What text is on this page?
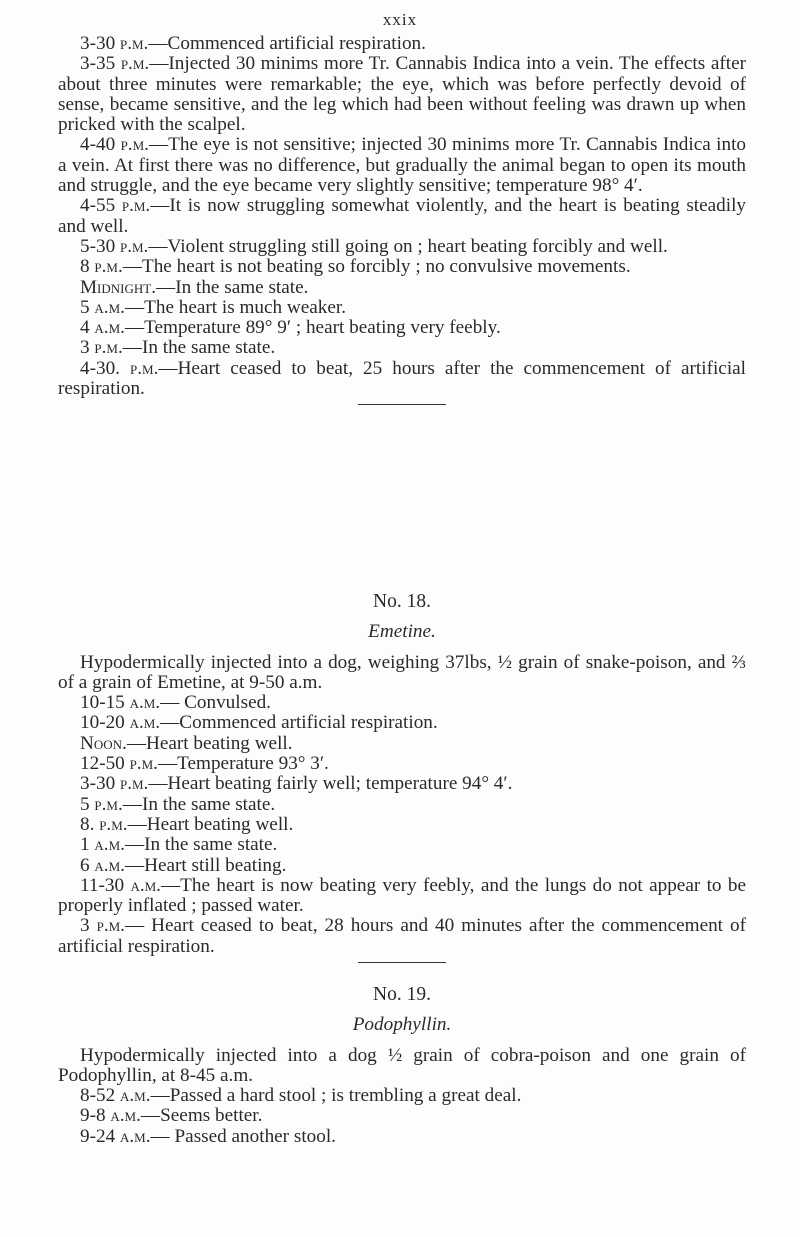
xxix

3-30 p.m.—Commenced artificial respiration.

3-35 p.m.—Injected 30 minims more Tr. Cannabis Indica into a vein. The effects after about three minutes were remarkable; the eye, which was before perfectly devoid of sense, became sensitive, and the leg which had been without feeling was drawn up when pricked with the scalpel.

4-40 p.m.—The eye is not sensitive; injected 30 minims more Tr. Cannabis Indica into a vein. At first there was no difference, but gradually the animal began to open its mouth and struggle, and the eye became very slightly sensitive; temperature 98° 4′.

4-55 p.m.—It is now struggling somewhat violently, and the heart is beating steadily and well.

5-30 p.m.—Violent struggling still going on ; heart beating forcibly and well.

8 p.m.—The heart is not beating so forcibly ; no convulsive movements.

Midnight.—In the same state.

5 a.m.—The heart is much weaker.

4 a.m.—Temperature 89° 9′ ; heart beating very feebly.

3 p.m.—In the same state.

4-30. p.m.—Heart ceased to beat, 25 hours after the commencement of artificial respiration.

No. 18.
Emetine.

Hypodermically injected into a dog, weighing 37lbs, ½ grain of snake-poison, and ⅔ of a grain of Emetine, at 9-50 a.m.

10-15 a.m.— Convulsed.

10-20 a.m.—Commenced artificial respiration.

Noon.—Heart beating well.

12-50 p.m.—Temperature 93° 3′.

3-30 p.m.—Heart beating fairly well; temperature 94° 4′.

5 p.m.—In the same state.

8. p.m.—Heart beating well.

1 a.m.—In the same state.

6 a.m.—Heart still beating.

11-30 a.m.—The heart is now beating very feebly, and the lungs do not appear to be properly inflated ; passed water.

3 p.m.— Heart ceased to beat, 28 hours and 40 minutes after the commencement of artificial respiration.

No. 19.
Podophyllin.

Hypodermically injected into a dog ½ grain of cobra-poison and one grain of Podophyllin, at 8-45 a.m.

8-52 a.m.—Passed a hard stool ; is trembling a great deal.

9-8 a.m.—Seems better.

9-24 a.m.— Passed another stool.
